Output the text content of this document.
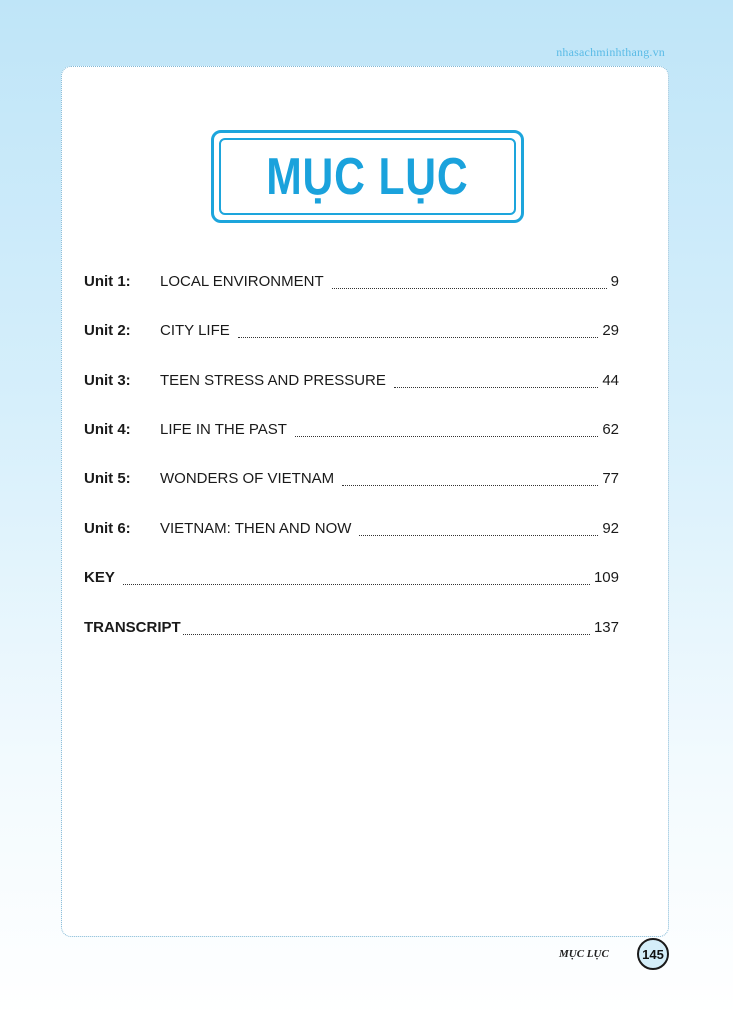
nhasachminhthang.vn
MỤC LỤC
Unit 1:	LOCAL ENVIRONMENT	9
Unit 2:	CITY LIFE	29
Unit 3:	TEEN STRESS AND PRESSURE	44
Unit 4:	LIFE IN THE PAST	62
Unit 5:	WONDERS OF VIETNAM	77
Unit 6:	VIETNAM: THEN AND NOW	92
KEY	109
TRANSCRIPT	137
MỤC LỤC	145
